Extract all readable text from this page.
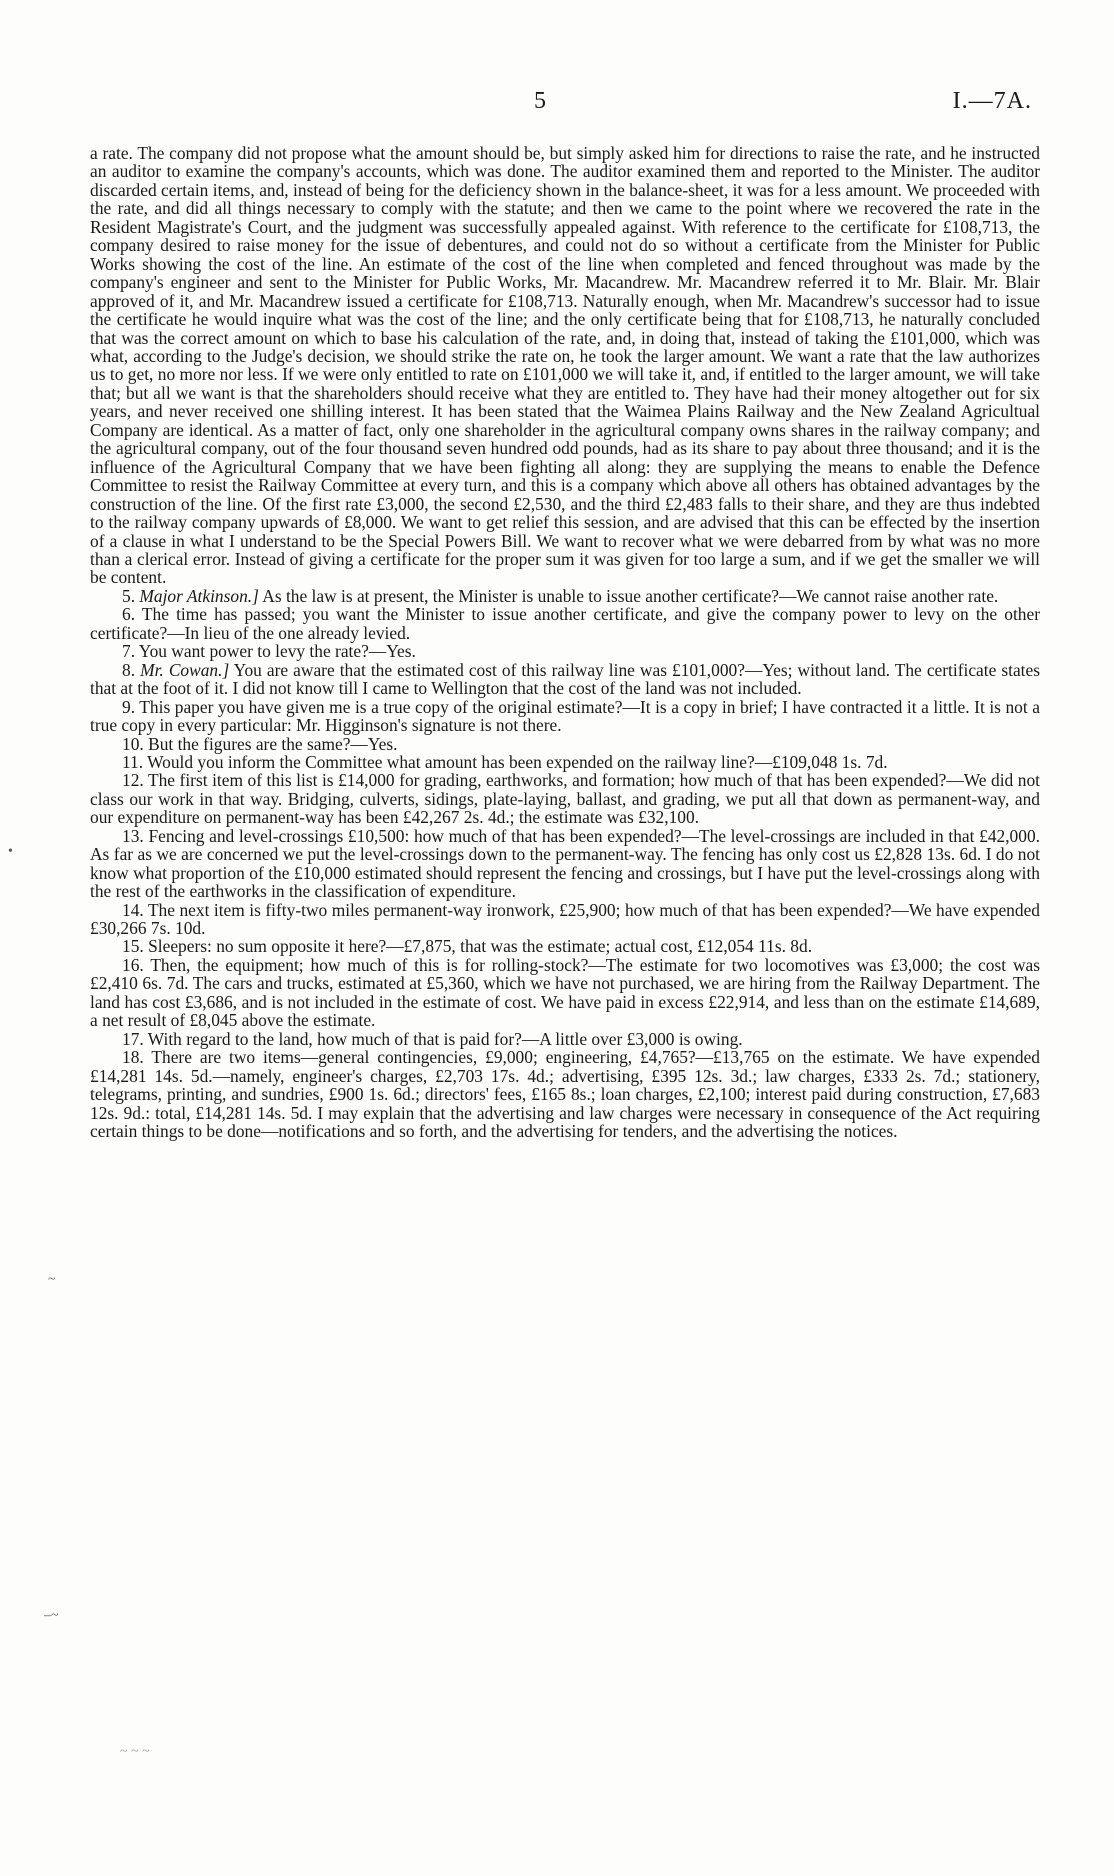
5	I.—7A.

a rate. The company did not propose what the amount should be, but simply asked him for directions to raise the rate, and he instructed an auditor to examine the company's accounts, which was done. The auditor examined them and reported to the Minister. The auditor discarded certain items, and, instead of being for the deficiency shown in the balance-sheet, it was for a less amount. We proceeded with the rate, and did all things necessary to comply with the statute; and then we came to the point where we recovered the rate in the Resident Magistrate's Court, and the judgment was successfully appealed against. With reference to the certificate for £108,713, the company desired to raise money for the issue of debentures, and could not do so without a certificate from the Minister for Public Works showing the cost of the line. An estimate of the cost of the line when completed and fenced throughout was made by the company's engineer and sent to the Minister for Public Works, Mr. Macandrew. Mr. Macandrew referred it to Mr. Blair. Mr. Blair approved of it, and Mr. Macandrew issued a certificate for £108,713. Naturally enough, when Mr. Macandrew's successor had to issue the certificate he would inquire what was the cost of the line; and the only certificate being that for £108,713, he naturally concluded that was the correct amount on which to base his calculation of the rate, and, in doing that, instead of taking the £101,000, which was what, according to the Judge's decision, we should strike the rate on, he took the larger amount. We want a rate that the law authorizes us to get, no more nor less. If we were only entitled to rate on £101,000 we will take it, and, if entitled to the larger amount, we will take that; but all we want is that the shareholders should receive what they are entitled to. They have had their money altogether out for six years, and never received one shilling interest. It has been stated that the Waimea Plains Railway and the New Zealand Agricultual Company are identical. As a matter of fact, only one shareholder in the agricultural company owns shares in the railway company; and the agricultural company, out of the four thousand seven hundred odd pounds, had as its share to pay about three thousand; and it is the influence of the Agricultural Company that we have been fighting all along: they are supplying the means to enable the Defence Committee to resist the Railway Committee at every turn, and this is a company which above all others has obtained advantages by the construction of the line. Of the first rate £3,000, the second £2,530, and the third £2,483 falls to their share, and they are thus indebted to the railway company upwards of £8,000. We want to get relief this session, and are advised that this can be effected by the insertion of a clause in what I understand to be the Special Powers Bill. We want to recover what we were debarred from by what was no more than a clerical error. Instead of giving a certificate for the proper sum it was given for too large a sum, and if we get the smaller we will be content.

5. Major Atkinson.] As the law is at present, the Minister is unable to issue another certificate?—We cannot raise another rate.

6. The time has passed; you want the Minister to issue another certificate, and give the company power to levy on the other certificate?—In lieu of the one already levied.

7. You want power to levy the rate?—Yes.

8. Mr. Cowan.] You are aware that the estimated cost of this railway line was £101,000?—Yes; without land. The certificate states that at the foot of it. I did not know till I came to Wellington that the cost of the land was not included.

9. This paper you have given me is a true copy of the original estimate?—It is a copy in brief; I have contracted it a little. It is not a true copy in every particular: Mr. Higginson's signature is not there.

10. But the figures are the same?—Yes.

11. Would you inform the Committee what amount has been expended on the railway line?—£109,048 1s. 7d.

12. The first item of this list is £14,000 for grading, earthworks, and formation; how much of that has been expended?—We did not class our work in that way. Bridging, culverts, sidings, plate-laying, ballast, and grading, we put all that down as permanent-way, and our expenditure on permanent-way has been £42,267 2s. 4d.; the estimate was £32,100.

13. Fencing and level-crossings £10,500: how much of that has been expended?—The level-crossings are included in that £42,000. As far as we are concerned we put the level-crossings down to the permanent-way. The fencing has only cost us £2,828 13s. 6d. I do not know what proportion of the £10,000 estimated should represent the fencing and crossings, but I have put the level-crossings along with the rest of the earthworks in the classification of expenditure.

14. The next item is fifty-two miles permanent-way ironwork, £25,900; how much of that has been expended?—We have expended £30,266 7s. 10d.

15. Sleepers: no sum opposite it here?—£7,875, that was the estimate; actual cost, £12,054 11s. 8d.

16. Then, the equipment; how much of this is for rolling-stock?—The estimate for two locomotives was £3,000; the cost was £2,410 6s. 7d. The cars and trucks, estimated at £5,360, which we have not purchased, we are hiring from the Railway Department. The land has cost £3,686, and is not included in the estimate of cost. We have paid in excess £22,914, and less than on the estimate £14,689, a net result of £8,045 above the estimate.

17. With regard to the land, how much of that is paid for?—A little over £3,000 is owing.

18. There are two items—general contingencies, £9,000; engineering, £4,765?—£13,765 on the estimate. We have expended £14,281 14s. 5d.—namely, engineer's charges, £2,703 17s. 4d.; advertising, £395 12s. 3d.; law charges, £333 2s. 7d.; stationery, telegrams, printing, and sundries, £900 1s. 6d.; directors' fees, £165 8s.; loan charges, £2,100; interest paid during construction, £7,683 12s. 9d.: total, £14,281 14s. 5d. I may explain that the advertising and law charges were necessary in consequence of the Act requiring certain things to be done—notifications and so forth, and the advertising for tenders, and the advertising the notices.

•
~
–~
~ ~ ~
